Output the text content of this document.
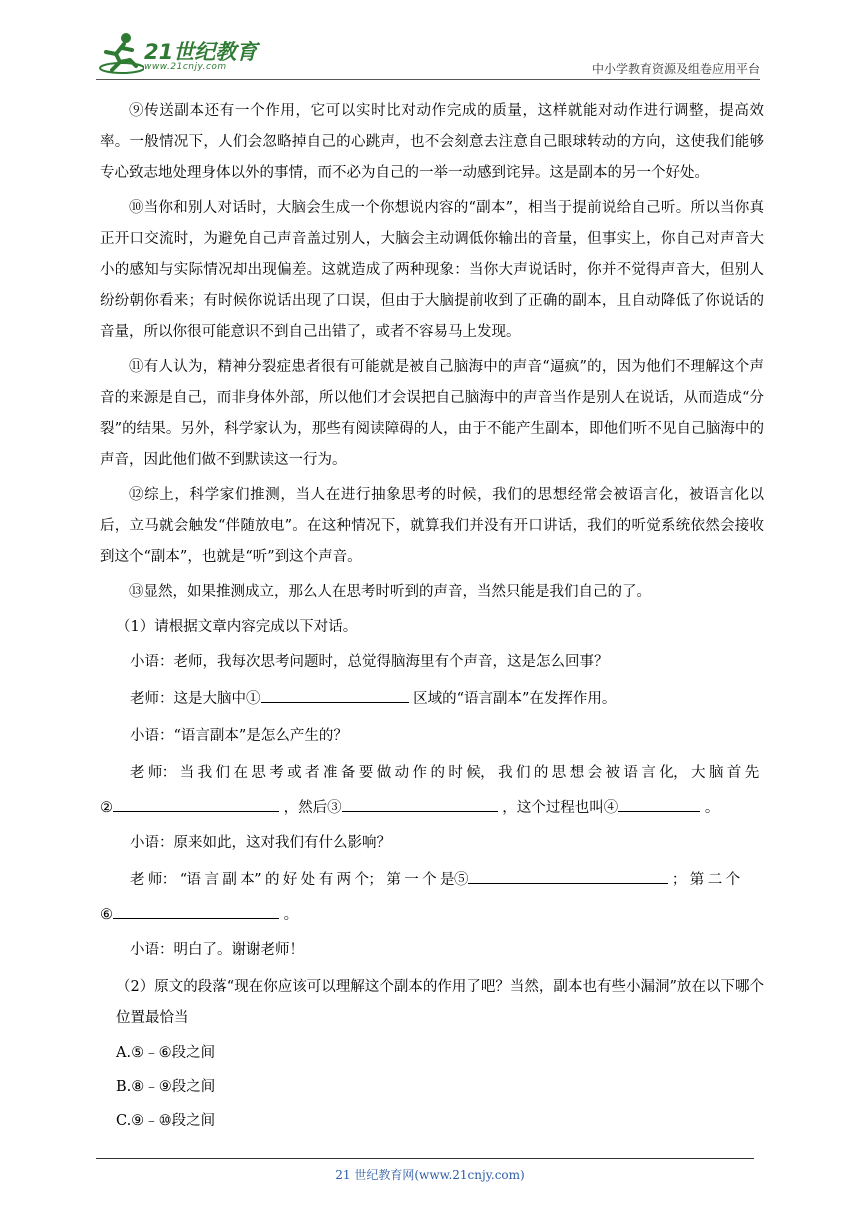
21世纪教育
www.21cnjy.com	中小学教育资源及组卷应用平台

⑨传送副本还有一个作用，它可以实时比对动作完成的质量，这样就能对动作进行调整，提高效率。一般情况下，人们会忽略掉自己的心跳声，也不会刻意去注意自己眼球转动的方向，这使我们能够专心致志地处理身体以外的事情，而不必为自己的一举一动感到诧异。这是副本的另一个好处。

⑩当你和别人对话时，大脑会生成一个你想说内容的“副本”，相当于提前说给自己听。所以当你真正开口交流时，为避免自己声音盖过别人，大脑会主动调低你输出的音量，但事实上，你自己对声音大小的感知与实际情况却出现偏差。这就造成了两种现象：当你大声说话时，你并不觉得声音大，但别人纷纷朝你看来；有时候你说话出现了口误，但由于大脑提前收到了正确的副本，且自动降低了你说话的音量，所以你很可能意识不到自己出错了，或者不容易马上发现。

⑪有人认为，精神分裂症患者很有可能就是被自己脑海中的声音“逼疯”的，因为他们不理解这个声音的来源是自己，而非身体外部，所以他们才会误把自己脑海中的声音当作是别人在说话，从而造成“分裂”的结果。另外，科学家认为，那些有阅读障碍的人，由于不能产生副本，即他们听不见自己脑海中的声音，因此他们做不到默读这一行为。

⑫综上，科学家们推测，当人在进行抽象思考的时候，我们的思想经常会被语言化，被语言化以后，立马就会触发“伴随放电”。在这种情况下，就算我们并没有开口讲话，我们的听觉系统依然会接收到这个“副本”，也就是“听”到这个声音。

⑬显然，如果推测成立，那么人在思考时听到的声音，当然只能是我们自己的了。

（1）请根据文章内容完成以下对话。

小语：老师，我每次思考问题时，总觉得脑海里有个声音，这是怎么回事？

老师：这是大脑中①	区域的“语言副本”在发挥作用。

小语：“语言副本”是怎么产生的？

老 师： 当 我 们 在 思 考 或 者 准 备 要 做 动 作 的 时 候， 我 们 的 思 想 会 被 语 言 化， 大 脑 首 先

②	，然后③	，这个过程也叫④	。

小语：原来如此，这对我们有什么影响？

老 师： “语 言 副 本” 的 好 处 有 两 个； 第 一 个 是⑤	； 第 二 个

⑥	。

小语：明白了。谢谢老师！

（2）原文的段落“现在你应该可以理解这个副本的作用了吧？当然，副本也有些小漏洞”放在以下哪个位置最恰当

A.⑤﹣⑥段之间

B.⑧﹣⑨段之间

C.⑨﹣⑩段之间

21 世纪教育网(www.21cnjy.com)
